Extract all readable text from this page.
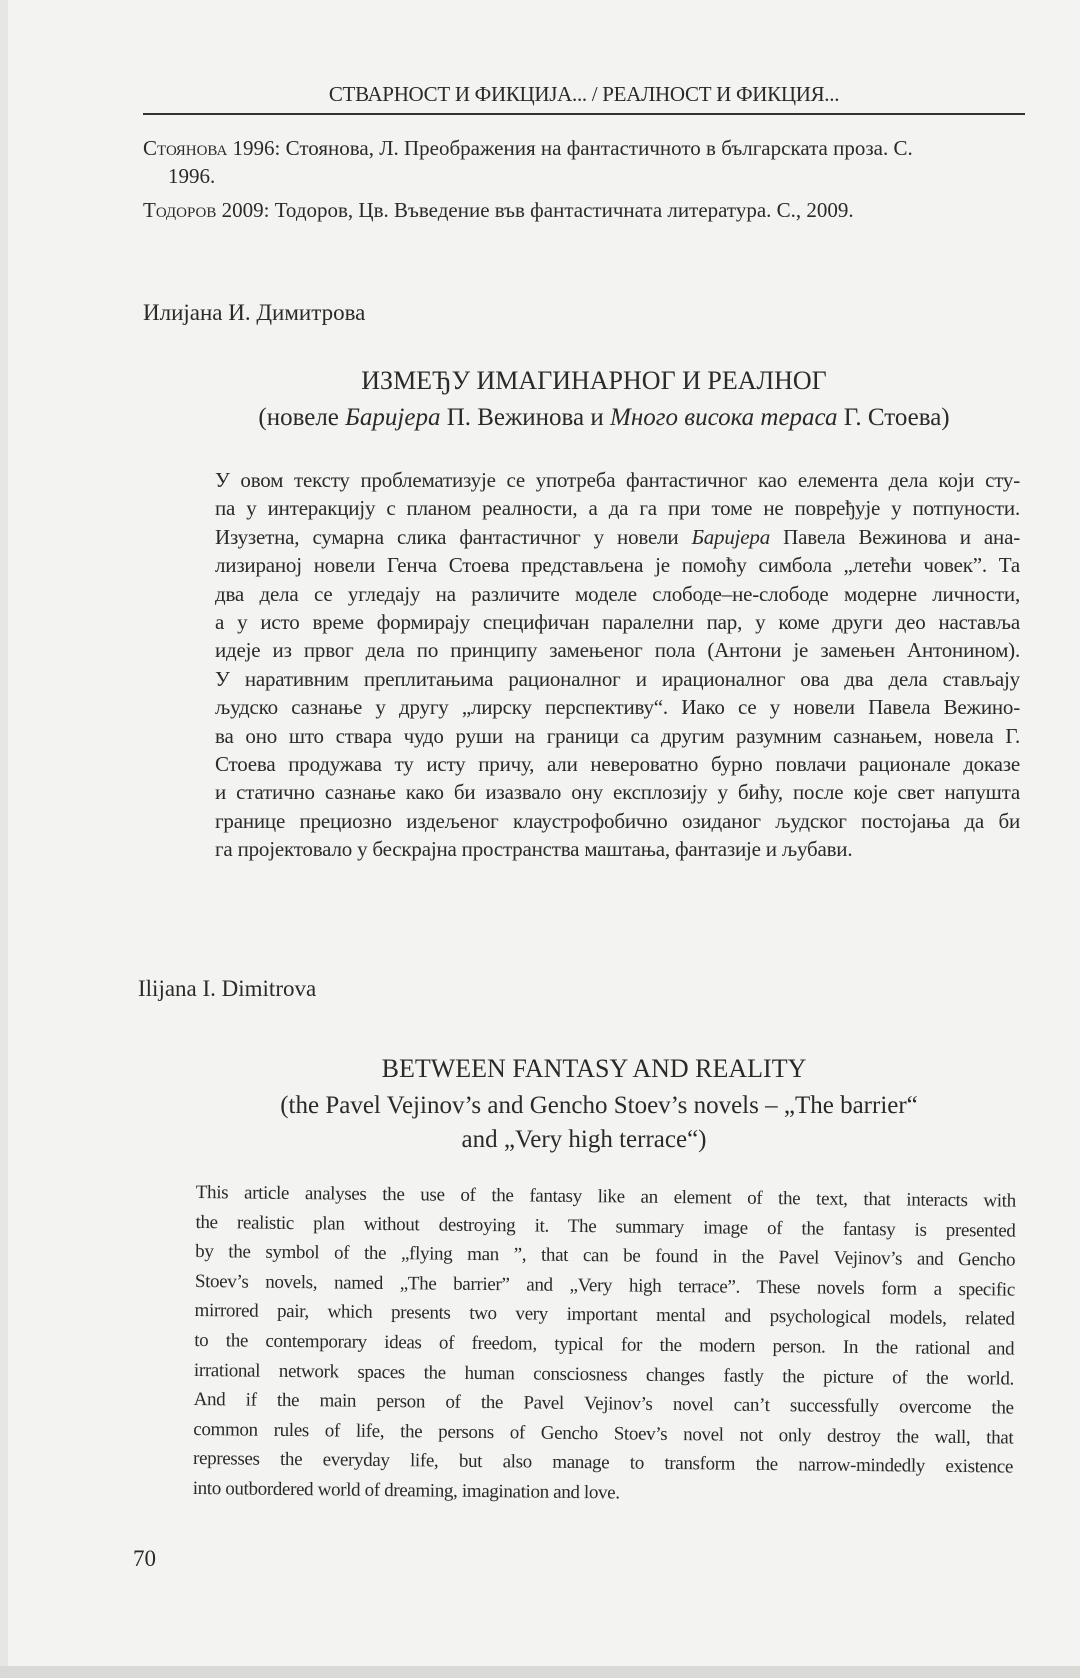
СТВАРНОСТ И ФИКЦИЈА... / РЕАЛНОСТ И ФИКЦИЯ...
Стоянова 1996: Стоянова, Л. Преображения на фантастичното в българската проза. С.
1996.
Тодоров 2009: Тодоров, Цв. Въведение във фантастичната литература. С., 2009.
Илијана И. Димитрова
ИЗМЕЂУ ИМАГИНАРНОГ И РЕАЛНОГ
(новеле Баријера П. Вежинова и Много висока тераса Г. Стоева)
У овом тексту проблематизује се употреба фантастичног као елемента дела који сту-
па у интеракцију с планом реалности, а да га при томе не повређује у потпуности.
Изузетна, сумарна слика фантастичног у новели Баријера Павела Вежинова и ана-
лизираној новели Генча Стоева представљена је помоћу симбола „летећи човек”. Та
два дела се угледају на различите моделе слободе–не-слободе модерне личности,
а у исто време формирају специфичан паралелни пар, у коме други део наставља
идеје из првог дела по принципу замењеног пола (Антони је замењен Антонином).
У наративним преплитањима рационалног и ирационалног ова два дела стављају
људско сазнање у другу „лирску перспективу“. Иако се у новели Павела Вежино-
ва оно што ствара чудо руши на граници са другим разумним сазнањем, новела Г.
Стоева продужава ту исту причу, али невероватно бурно повлачи рационале доказе
и статично сазнање како би изазвало ону експлозију у бићу, после које свет напушта
границе прециозно издељеног клаустрофобично озиданог људског постојања да би
га пројектовало у бескрајна пространства маштања, фантазије и љубави.
Ilijana I. Dimitrova
BETWEEN FANTASY AND REALITY
(the Pavel Vejinov’s and Gencho Stoev’s novels – „The barrier“
and „Very high terrace“)
This article analyses the use of the fantasy like an element of the text, that interacts with
the realistic plan without destroying it. The summary image of the fantasy is presented
by the symbol of the „flying man ”, that can be found in the Pavel Vejinov’s and Gencho
Stoev’s novels, named „The barrier” and „Very high terrace”. These novels form a specific
mirrored pair, which presents two very important mental and psychological models, related
to the contemporary ideas of freedom, typical for the modern person. In the rational and
irrational network spaces the human consciosness changes fastly the picture of the world.
And if the main person of the Pavel Vejinov’s novel can’t successfully overcome the
common rules of life, the persons of Gencho Stoev’s novel not only destroy the wall, that
represses the everyday life, but also manage to transform the narrow-mindedly existence
into outbordered world of dreaming, imagination and love.
70
